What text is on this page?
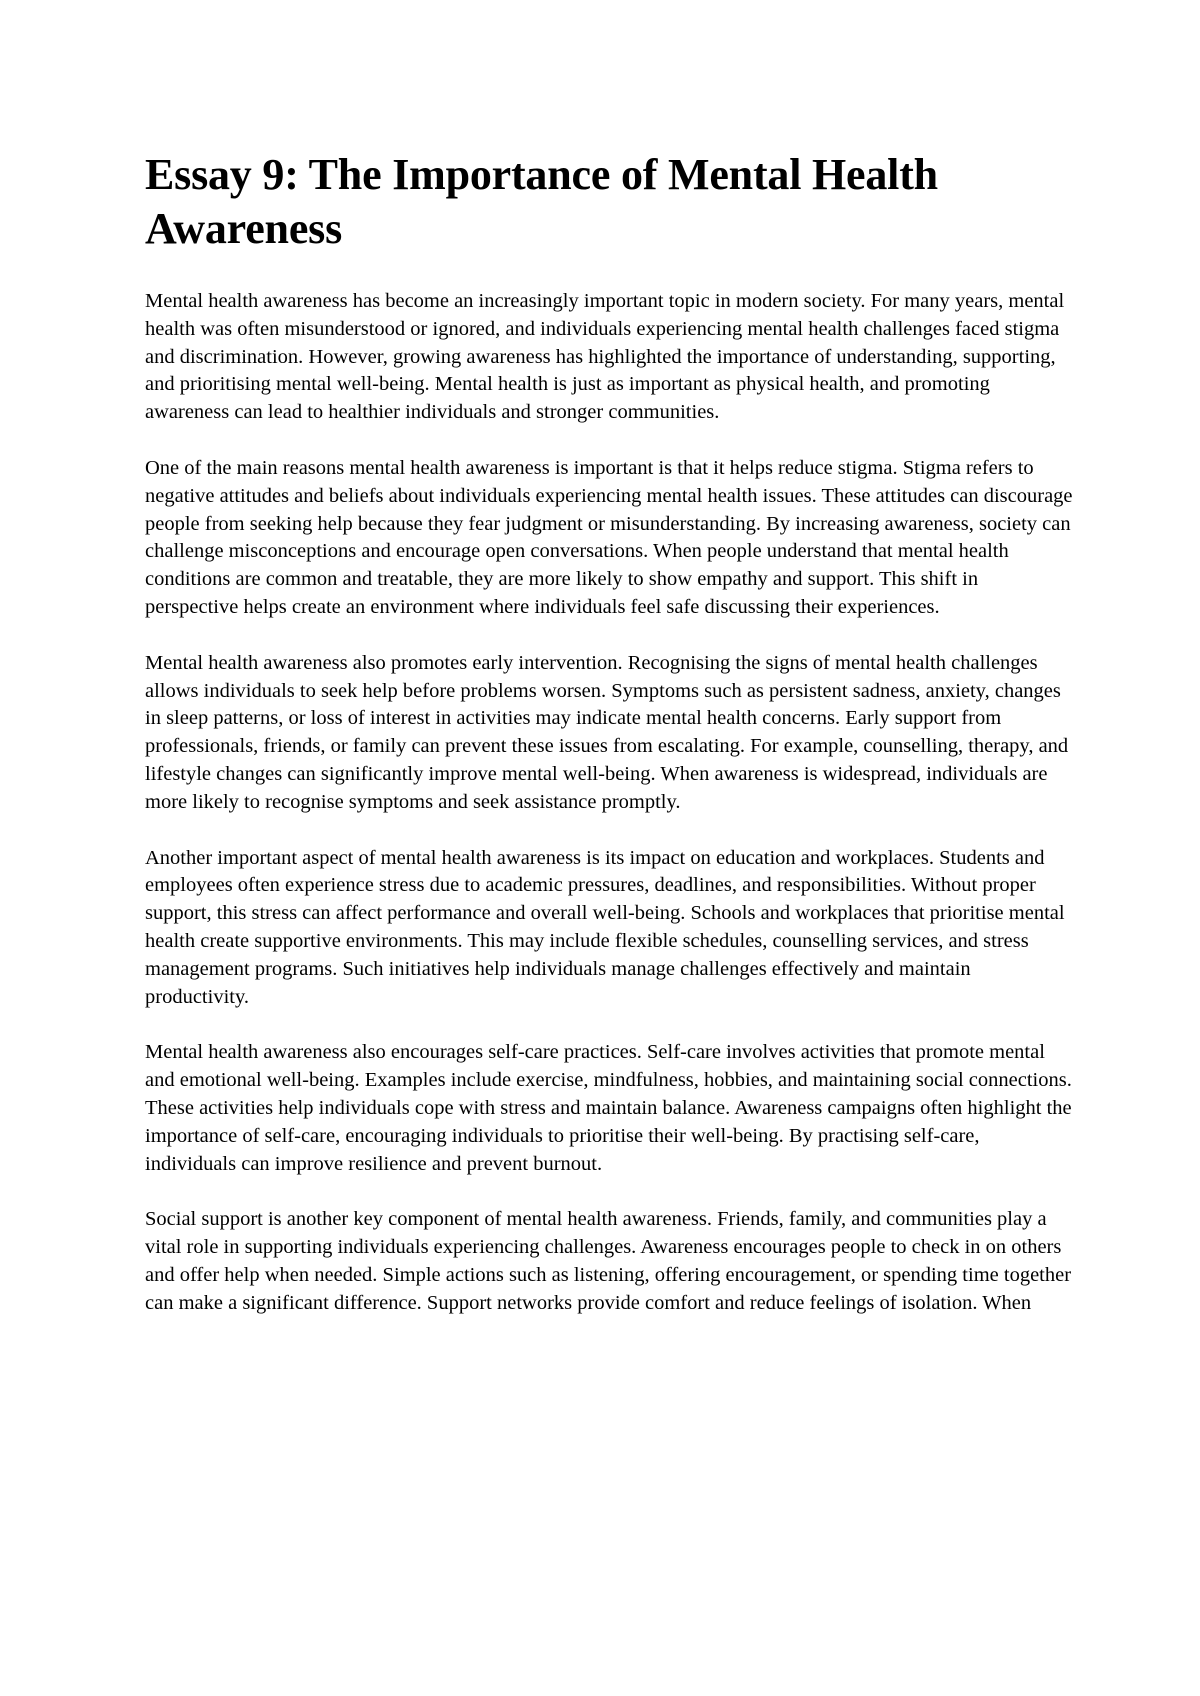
Essay 9: The Importance of Mental Health Awareness

Mental health awareness has become an increasingly important topic in modern society. For many years, mental health was often misunderstood or ignored, and individuals experiencing mental health challenges faced stigma and discrimination. However, growing awareness has highlighted the importance of understanding, supporting, and prioritising mental well-being. Mental health is just as important as physical health, and promoting awareness can lead to healthier individuals and stronger communities.

One of the main reasons mental health awareness is important is that it helps reduce stigma. Stigma refers to negative attitudes and beliefs about individuals experiencing mental health issues. These attitudes can discourage people from seeking help because they fear judgment or misunderstanding. By increasing awareness, society can challenge misconceptions and encourage open conversations. When people understand that mental health conditions are common and treatable, they are more likely to show empathy and support. This shift in perspective helps create an environment where individuals feel safe discussing their experiences.

Mental health awareness also promotes early intervention. Recognising the signs of mental health challenges allows individuals to seek help before problems worsen. Symptoms such as persistent sadness, anxiety, changes in sleep patterns, or loss of interest in activities may indicate mental health concerns. Early support from professionals, friends, or family can prevent these issues from escalating. For example, counselling, therapy, and lifestyle changes can significantly improve mental well-being. When awareness is widespread, individuals are more likely to recognise symptoms and seek assistance promptly.

Another important aspect of mental health awareness is its impact on education and workplaces. Students and employees often experience stress due to academic pressures, deadlines, and responsibilities. Without proper support, this stress can affect performance and overall well-being. Schools and workplaces that prioritise mental health create supportive environments. This may include flexible schedules, counselling services, and stress management programs. Such initiatives help individuals manage challenges effectively and maintain productivity.

Mental health awareness also encourages self-care practices. Self-care involves activities that promote mental and emotional well-being. Examples include exercise, mindfulness, hobbies, and maintaining social connections. These activities help individuals cope with stress and maintain balance. Awareness campaigns often highlight the importance of self-care, encouraging individuals to prioritise their well-being. By practising self-care, individuals can improve resilience and prevent burnout.

Social support is another key component of mental health awareness. Friends, family, and communities play a vital role in supporting individuals experiencing challenges. Awareness encourages people to check in on others and offer help when needed. Simple actions such as listening, offering encouragement, or spending time together can make a significant difference. Support networks provide comfort and reduce feelings of isolation. When
